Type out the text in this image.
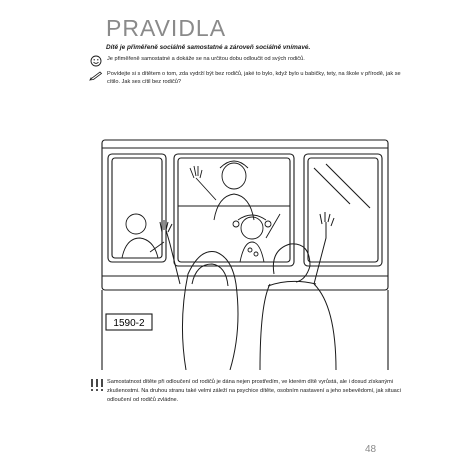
PRAVIDLA
Dítě je přiměřeně sociálně samostatné a zároveň sociálně vnímavé.
Je přiměřeně samostatné a dokáže se na určitou dobu odloučit od svých rodičů.
Povídejte si s dítětem o tom, zda vydrží být bez rodičů, jaké to bylo, když bylo u babičky, tety, na škole v přírodě, jak se cítilo. Jak ses cítil bez rodičů?
1590-2
Samostatnost dítěte při odloučení od rodičů je dána nejen prostředím, ve kterém dítě vyrůstá, ale i dosud získanými zkušenostmi. Na druhou stranu také velmi záleží na psychice dítěte, osobním nastavení a jeho sebevědomí, jak situaci odloučení od rodičů zvládne.
48
